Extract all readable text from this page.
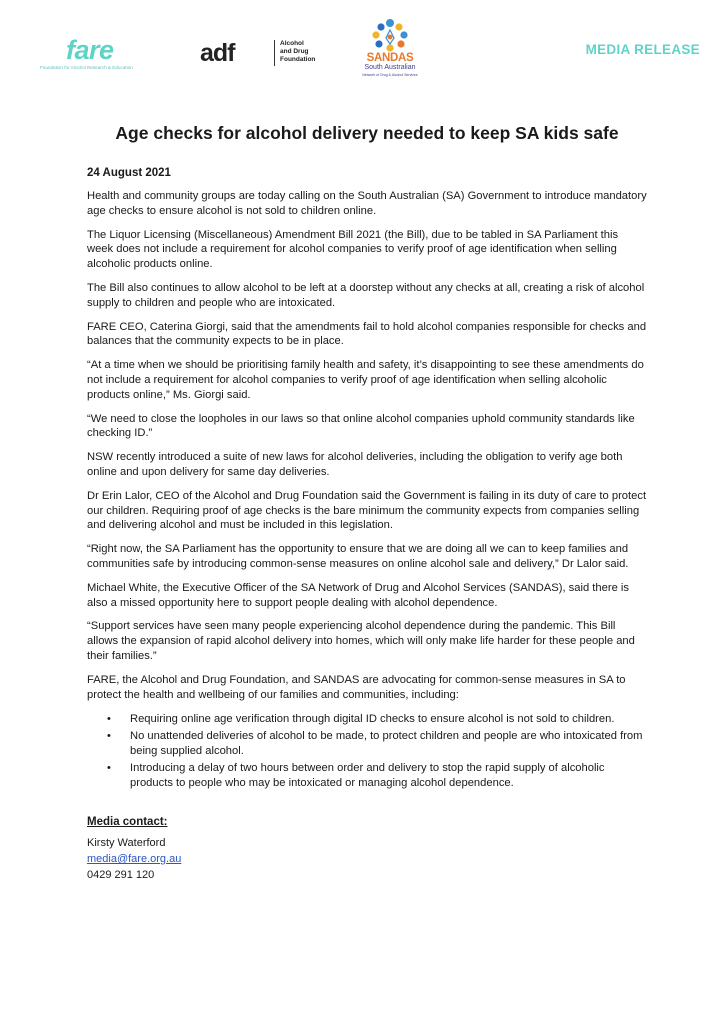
fare
Foundation for Alcohol Research & Education
adf	Alcohol
and Drug
Foundation	SANDAS
South Australian
Network of Drug & Alcohol Services
MEDIA RELEASE
Age checks for alcohol delivery needed to keep SA kids safe
24 August 2021

Health and community groups are today calling on the South Australian (SA) Government to introduce mandatory age checks to ensure alcohol is not sold to children online.

The Liquor Licensing (Miscellaneous) Amendment Bill 2021 (the Bill), due to be tabled in SA Parliament this week does not include a requirement for alcohol companies to verify proof of age identification when selling alcoholic products online.

The Bill also continues to allow alcohol to be left at a doorstep without any checks at all, creating a risk of alcohol supply to children and people who are intoxicated.

FARE CEO, Caterina Giorgi, said that the amendments fail to hold alcohol companies responsible for checks and balances that the community expects to be in place.

“At a time when we should be prioritising family health and safety, it’s disappointing to see these amendments do not include a requirement for alcohol companies to verify proof of age identification when selling alcoholic products online,” Ms. Giorgi said.

“We need to close the loopholes in our laws so that online alcohol companies uphold community standards like checking ID.”

NSW recently introduced a suite of new laws for alcohol deliveries, including the obligation to verify age both online and upon delivery for same day deliveries.

Dr Erin Lalor, CEO of the Alcohol and Drug Foundation said the Government is failing in its duty of care to protect our children. Requiring proof of age checks is the bare minimum the community expects from companies selling and delivering alcohol and must be included in this legislation.

“Right now, the SA Parliament has the opportunity to ensure that we are doing all we can to keep families and communities safe by introducing common-sense measures on online alcohol sale and delivery,” Dr Lalor said.

Michael White, the Executive Officer of the SA Network of Drug and Alcohol Services (SANDAS), said there is also a missed opportunity here to support people dealing with alcohol dependence.

“Support services have seen many people experiencing alcohol dependence during the pandemic. This Bill allows the expansion of rapid alcohol delivery into homes, which will only make life harder for these people and their families.”

FARE, the Alcohol and Drug Foundation, and SANDAS are advocating for common-sense measures in SA to protect the health and wellbeing of our families and communities, including:

• Requiring online age verification through digital ID checks to ensure alcohol is not sold to children.
• No unattended deliveries of alcohol to be made, to protect children and people are who intoxicated from being supplied alcohol.
• Introducing a delay of two hours between order and delivery to stop the rapid supply of alcoholic products to people who may be intoxicated or managing alcohol dependence.
Media contact:
Kirsty Waterford
media@fare.org.au
0429 291 120
